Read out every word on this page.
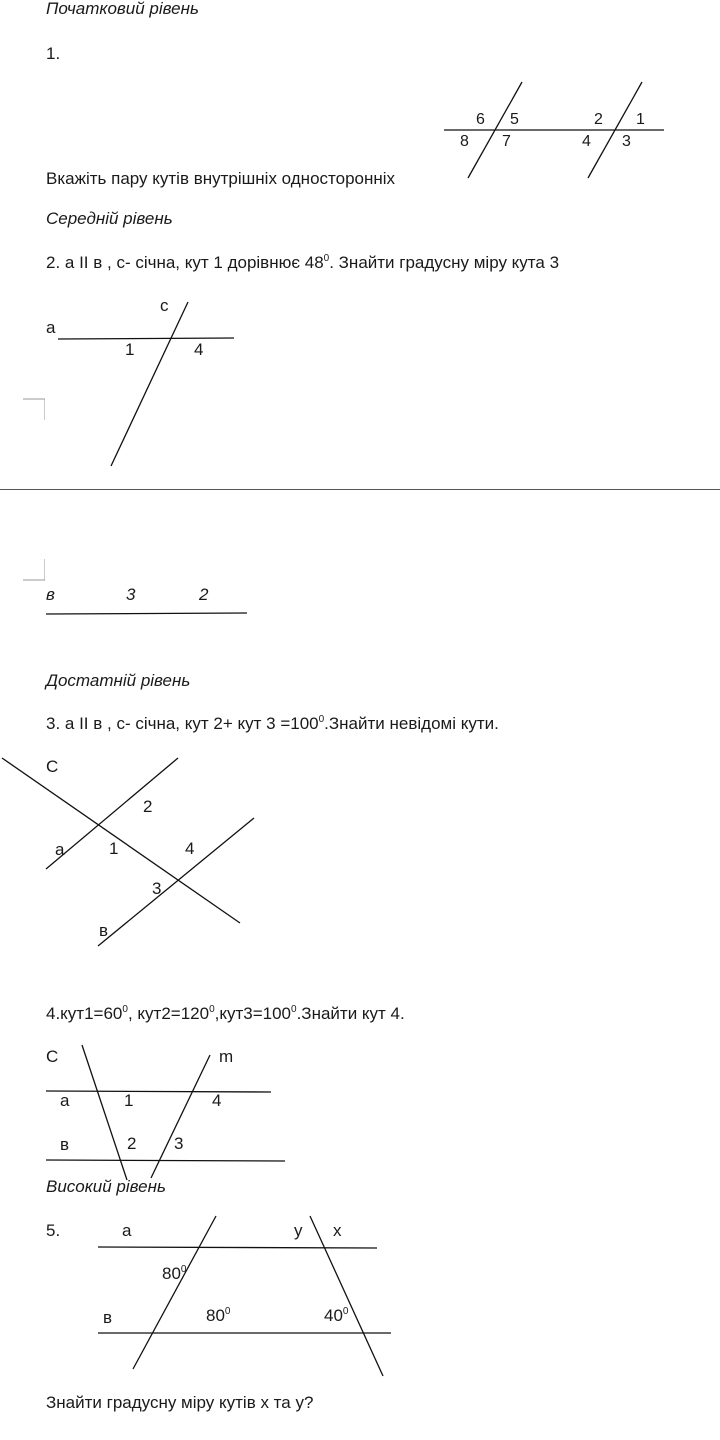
Початковий рівень
1.
6 5
8 7
2 1
4 3
Вкажіть пару кутів внутрішніх односторонніх
Середній рівень
2. a II в , с- січна, кут 1 дорівнює $48^0$. Знайти градусну міру кута 3
a
c
1	4
в	3	2
Достатній рівень
3. a II в , с- січна, кут 2+ кут $3 =100^0.Знайти$ невідомі кути.
C
2
a	1	4
3
в
$4.кут1=60^0$, $кут2=120^0,кут3=100^0.Знайти$ кут 4.
C	m
a	1	4
в	2 3
Високий рівень
5.	a	y x
$80^0$
в	$80^0$	$40^0$
Знайти градусну міру кутів x та y?
